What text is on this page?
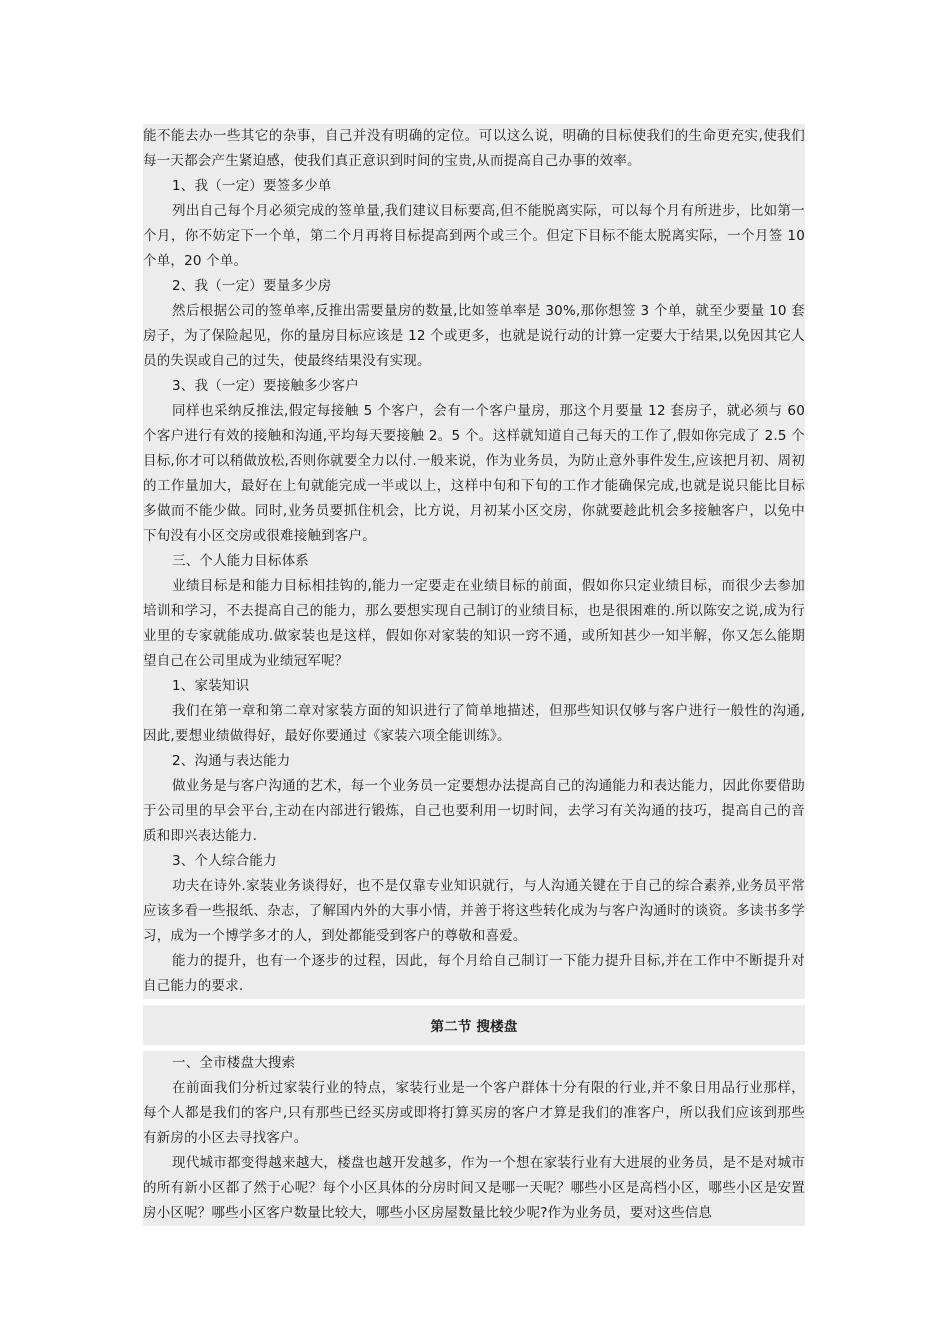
能不能去办一些其它的杂事，自己并没有明确的定位。可以这么说，明确的目标使我们的生命更充实,使我们每一天都会产生紧迫感，使我们真正意识到时间的宝贵,从而提高自己办事的效率。

1、我（一定）要签多少单

列出自己每个月必须完成的签单量,我们建议目标要高,但不能脱离实际，可以每个月有所进步，比如第一个月，你不妨定下一个单，第二个月再将目标提高到两个或三个。但定下目标不能太脱离实际，一个月签 10 个单，20 个单。

2、我（一定）要量多少房

然后根据公司的签单率,反推出需要量房的数量,比如签单率是 30%,那你想签 3 个单，就至少要量 10 套房子，为了保险起见，你的量房目标应该是 12 个或更多，也就是说行动的计算一定要大于结果,以免因其它人员的失误或自己的过失，使最终结果没有实现。

3、我（一定）要接触多少客户

同样也采纳反推法,假定每接触 5 个客户，会有一个客户量房，那这个月要量 12 套房子，就必须与 60 个客户进行有效的接触和沟通,平均每天要接触 2。5 个。这样就知道自己每天的工作了,假如你完成了 2.5 个目标,你才可以稍做放松,否则你就要全力以付.一般来说，作为业务员，为防止意外事件发生,应该把月初、周初的工作量加大，最好在上旬就能完成一半或以上，这样中旬和下旬的工作才能确保完成,也就是说只能比目标多做而不能少做。同时,业务员要抓住机会，比方说，月初某小区交房，你就要趁此机会多接触客户，以免中下旬没有小区交房或很难接触到客户。

三、个人能力目标体系

业绩目标是和能力目标相挂钩的,能力一定要走在业绩目标的前面，假如你只定业绩目标，而很少去参加培训和学习，不去提高自己的能力，那么要想实现自己制订的业绩目标，也是很困难的.所以陈安之说,成为行业里的专家就能成功.做家装也是这样，假如你对家装的知识一窍不通，或所知甚少一知半解，你又怎么能期望自己在公司里成为业绩冠军呢？

1、家装知识

我们在第一章和第二章对家装方面的知识进行了简单地描述，但那些知识仅够与客户进行一般性的沟通,因此,要想业绩做得好，最好你要通过《家装六项全能训练》。

2、沟通与表达能力

做业务是与客户沟通的艺术，每一个业务员一定要想办法提高自己的沟通能力和表达能力，因此你要借助于公司里的早会平台,主动在内部进行锻炼，自己也要利用一切时间，去学习有关沟通的技巧，提高自己的音质和即兴表达能力.

3、个人综合能力

功夫在诗外.家装业务谈得好，也不是仅靠专业知识就行，与人沟通关键在于自己的综合素养,业务员平常应该多看一些报纸、杂志，了解国内外的大事小情，并善于将这些转化成为与客户沟通时的谈资。多读书多学习，成为一个博学多才的人，到处都能受到客户的尊敬和喜爱。

能力的提升，也有一个逐步的过程，因此，每个月给自己制订一下能力提升目标,并在工作中不断提升对自己能力的要求.

第二节 搜楼盘

一、全市楼盘大搜索

在前面我们分析过家装行业的特点，家装行业是一个客户群体十分有限的行业,并不象日用品行业那样，每个人都是我们的客户,只有那些已经买房或即将打算买房的客户才算是我们的准客户，所以我们应该到那些有新房的小区去寻找客户。

现代城市都变得越来越大，楼盘也越开发越多，作为一个想在家装行业有大进展的业务员，是不是对城市的所有新小区都了然于心呢？每个小区具体的分房时间又是哪一天呢？哪些小区是高档小区，哪些小区是安置房小区呢？哪些小区客户数量比较大，哪些小区房屋数量比较少呢?作为业务员，要对这些信息
